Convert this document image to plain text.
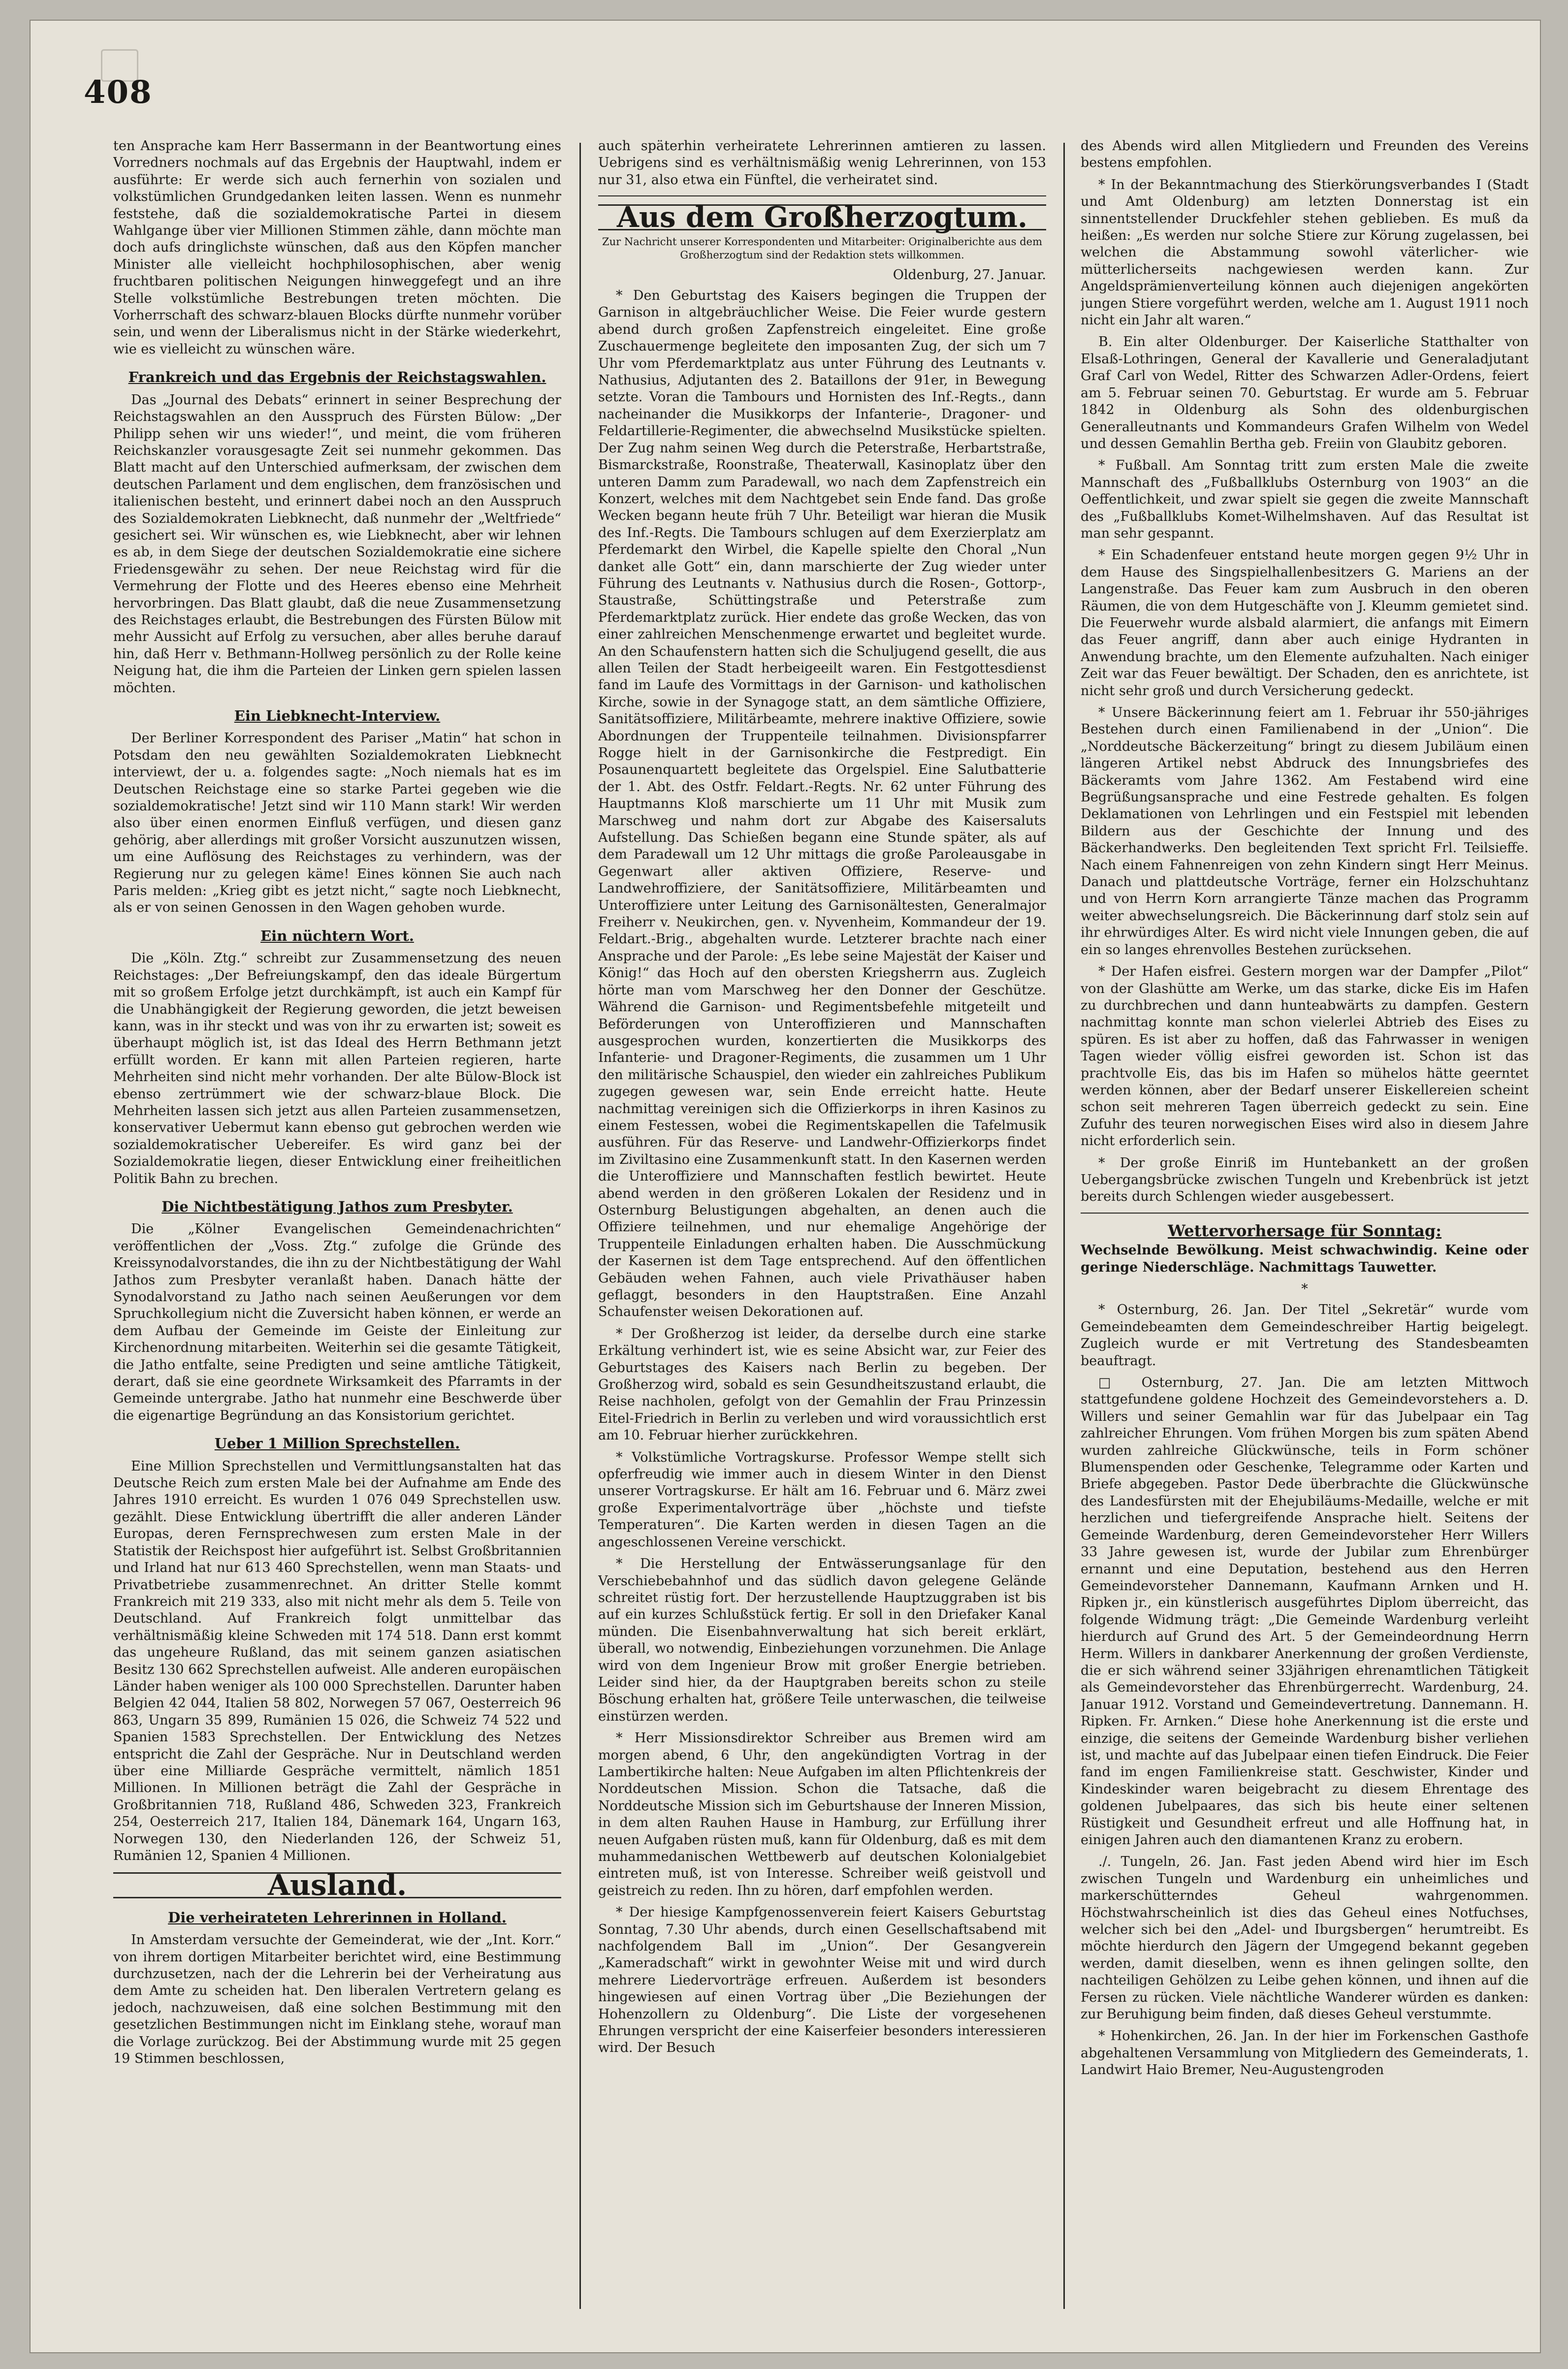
408

ten Ansprache kam Herr Bassermann in der Beantwortung eines Vorredners nochmals auf das Ergebnis der Hauptwahl, indem er ausführte: Er werde sich auch fernerhin von sozialen und volkstümlichen Grundgedanken leiten lassen. Wenn es nunmehr feststehe, daß die sozialdemokratische Partei in diesem Wahlgange über vier Millionen Stimmen zähle, dann möchte man doch aufs dringlichste wünschen, daß aus den Köpfen mancher Minister alle vielleicht hochphilosophischen, aber wenig fruchtbaren politischen Neigungen hinweggefegt und an ihre Stelle volkstümliche Bestrebungen treten möchten. Die Vorherrschaft des schwarz-blauen Blocks dürfte nunmehr vorüber sein, und wenn der Liberalismus nicht in der Stärke wiederkehrt, wie es vielleicht zu wünschen wäre.

Frankreich und das Ergebnis der Reichstagswahlen.

Das „Journal des Debats“ erinnert in seiner Besprechung der Reichstagswahlen an den Ausspruch des Fürsten Bülow: „Der Philipp sehen wir uns wieder!“, und meint, die vom früheren Reichskanzler vorausgesagte Zeit sei nunmehr gekommen. Das Blatt macht auf den Unterschied aufmerksam, der zwischen dem deutschen Parlament und dem englischen, dem französischen und italienischen besteht, und erinnert dabei noch an den Ausspruch des Sozialdemokraten Liebknecht, daß nunmehr der „Weltfriede“ gesichert sei. Wir wünschen es, wie Liebknecht, aber wir lehnen es ab, in dem Siege der deutschen Sozialdemokratie eine sichere Friedensgewähr zu sehen. Der neue Reichstag wird für die Vermehrung der Flotte und des Heeres ebenso eine Mehrheit hervorbringen. Das Blatt glaubt, daß die neue Zusammensetzung des Reichstages erlaubt, die Bestrebungen des Fürsten Bülow mit mehr Aussicht auf Erfolg zu versuchen, aber alles beruhe darauf hin, daß Herr v. Bethmann-Hollweg persönlich zu der Rolle keine Neigung hat, die ihm die Parteien der Linken gern spielen lassen möchten.

Ein Liebknecht-Interview.

Der Berliner Korrespondent des Pariser „Matin“ hat schon in Potsdam den neu gewählten Sozialdemokraten Liebknecht interviewt, der u. a. folgendes sagte: „Noch niemals hat es im Deutschen Reichstage eine so starke Partei gegeben wie die sozialdemokratische! Jetzt sind wir 110 Mann stark! Wir werden also über einen enormen Einfluß verfügen, und diesen ganz gehörig, aber allerdings mit großer Vorsicht auszunutzen wissen, um eine Auflösung des Reichstages zu verhindern, was der Regierung nur zu gelegen käme! Eines können Sie auch nach Paris melden: „Krieg gibt es jetzt nicht,“ sagte noch Liebknecht, als er von seinen Genossen in den Wagen gehoben wurde.

Ein nüchtern Wort.

Die „Köln. Ztg.“ schreibt zur Zusammensetzung des neuen Reichstages: „Der Befreiungskampf, den das ideale Bürgertum mit so großem Erfolge jetzt durchkämpft, ist auch ein Kampf für die Unabhängigkeit der Regierung geworden, die jetzt beweisen kann, was in ihr steckt und was von ihr zu erwarten ist; soweit es überhaupt möglich ist, ist das Ideal des Herrn Bethmann jetzt erfüllt worden. Er kann mit allen Parteien regieren, harte Mehrheiten sind nicht mehr vorhanden. Der alte Bülow-Block ist ebenso zertrümmert wie der schwarz-blaue Block. Die Mehrheiten lassen sich jetzt aus allen Parteien zusammensetzen, konservativer Uebermut kann ebenso gut gebrochen werden wie sozialdemokratischer Uebereifer. Es wird ganz bei der Sozialdemokratie liegen, dieser Entwicklung einer freiheitlichen Politik Bahn zu brechen.

Die Nichtbestätigung Jathos zum Presbyter.

Die „Kölner Evangelischen Gemeindenachrichten“ veröffentlichen der „Voss. Ztg.“ zufolge die Gründe des Kreissynodalvorstandes, die ihn zu der Nichtbestätigung der Wahl Jathos zum Presbyter veranlaßt haben. Danach hätte der Synodalvorstand zu Jatho nach seinen Aeußerungen vor dem Spruchkollegium nicht die Zuversicht haben können, er werde an dem Aufbau der Gemeinde im Geiste der Einleitung zur Kirchenordnung mitarbeiten. Weiterhin sei die gesamte Tätigkeit, die Jatho entfalte, seine Predigten und seine amtliche Tätigkeit, derart, daß sie eine geordnete Wirksamkeit des Pfarramts in der Gemeinde untergrabe. Jatho hat nunmehr eine Beschwerde über die eigenartige Begründung an das Konsistorium gerichtet.

Ueber 1 Million Sprechstellen.

Eine Million Sprechstellen und Vermittlungsanstalten hat das Deutsche Reich zum ersten Male bei der Aufnahme am Ende des Jahres 1910 erreicht. Es wurden 1 076 049 Sprechstellen usw. gezählt. Diese Entwicklung übertrifft die aller anderen Länder Europas, deren Fernsprechwesen zum ersten Male in der Statistik der Reichspost hier aufgeführt ist. Selbst Großbritannien und Irland hat nur 613 460 Sprechstellen, wenn man Staats- und Privatbetriebe zusammenrechnet. An dritter Stelle kommt Frankreich mit 219 333, also mit nicht mehr als dem 5. Teile von Deutschland. Auf Frankreich folgt unmittelbar das verhältnismäßig kleine Schweden mit 174 518. Dann erst kommt das ungeheure Rußland, das mit seinem ganzen asiatischen Besitz 130 662 Sprechstellen aufweist. Alle anderen europäischen Länder haben weniger als 100 000 Sprechstellen. Darunter haben Belgien 42 044, Italien 58 802, Norwegen 57 067, Oesterreich 96 863, Ungarn 35 899, Rumänien 15 026, die Schweiz 74 522 und Spanien 1583 Sprechstellen. Der Entwicklung des Netzes entspricht die Zahl der Gespräche. Nur in Deutschland werden über eine Milliarde Gespräche vermittelt, nämlich 1851 Millionen. In Millionen beträgt die Zahl der Gespräche in Großbritannien 718, Rußland 486, Schweden 323, Frankreich 254, Oesterreich 217, Italien 184, Dänemark 164, Ungarn 163, Norwegen 130, den Niederlanden 126, der Schweiz 51, Rumänien 12, Spanien 4 Millionen.

Ausland.
Die verheirateten Lehrerinnen in Holland.

In Amsterdam versuchte der Gemeinderat, wie der „Int. Korr.“ von ihrem dortigen Mitarbeiter berichtet wird, eine Bestimmung durchzusetzen, nach der die Lehrerin bei der Verheiratung aus dem Amte zu scheiden hat. Den liberalen Vertretern gelang es jedoch, nachzuweisen, daß eine solchen Bestimmung mit den gesetzlichen Bestimmungen nicht im Einklang stehe, worauf man die Vorlage zurückzog. Bei der Abstimmung wurde mit 25 gegen 19 Stimmen beschlossen,

auch späterhin verheiratete Lehrerinnen amtieren zu lassen. Uebrigens sind es verhältnismäßig wenig Lehrerinnen, von 153 nur 31, also etwa ein Fünftel, die verheiratet sind.

Aus dem Großherzogtum.
Zur Nachricht unserer Korrespondenten und Mitarbeiter: Originalberichte aus dem Großherzogtum sind der Redaktion stets willkommen.
Oldenburg, 27. Januar.

* Den Geburtstag des Kaisers begingen die Truppen der Garnison in altgebräuchlicher Weise. Die Feier wurde gestern abend durch großen Zapfenstreich eingeleitet. Eine große Zuschauermenge begleitete den imposanten Zug, der sich um 7 Uhr vom Pferdemarktplatz aus unter Führung des Leutnants v. Nathusius, Adjutanten des 2. Bataillons der 91er, in Bewegung setzte. Voran die Tambours und Hornisten des Inf.-Regts., dann nacheinander die Musikkorps der Infanterie-, Dragoner- und Feldartillerie-Regimenter, die abwechselnd Musikstücke spielten. Der Zug nahm seinen Weg durch die Peterstraße, Herbartstraße, Bismarckstraße, Roonstraße, Theaterwall, Kasinoplatz über den unteren Damm zum Paradewall, wo nach dem Zapfenstreich ein Konzert, welches mit dem Nachtgebet sein Ende fand. Das große Wecken begann heute früh 7 Uhr. Beteiligt war hieran die Musik des Inf.-Regts. Die Tambours schlugen auf dem Exerzierplatz am Pferdemarkt den Wirbel, die Kapelle spielte den Choral „Nun danket alle Gott“ ein, dann marschierte der Zug wieder unter Führung des Leutnants v. Nathusius durch die Rosen-, Gottorp-, Staustraße, Schüttingstraße und Peterstraße zum Pferdemarktplatz zurück. Hier endete das große Wecken, das von einer zahlreichen Menschenmenge erwartet und begleitet wurde. An den Schaufenstern hatten sich die Schuljugend gesellt, die aus allen Teilen der Stadt herbeigeeilt waren. Ein Festgottesdienst fand im Laufe des Vormittags in der Garnison- und katholischen Kirche, sowie in der Synagoge statt, an dem sämtliche Offiziere, Sanitätsoffiziere, Militärbeamte, mehrere inaktive Offiziere, sowie Abordnungen der Truppenteile teilnahmen. Divisionspfarrer Rogge hielt in der Garnisonkirche die Festpredigt. Ein Posaunenquartett begleitete das Orgelspiel. Eine Salutbatterie der 1. Abt. des Ostfr. Feldart.-Regts. Nr. 62 unter Führung des Hauptmanns Kloß marschierte um 11 Uhr mit Musik zum Marschweg und nahm dort zur Abgabe des Kaisersaluts Aufstellung. Das Schießen begann eine Stunde später, als auf dem Paradewall um 12 Uhr mittags die große Paroleausgabe in Gegenwart aller aktiven Offiziere, Reserve- und Landwehroffiziere, der Sanitätsoffiziere, Militärbeamten und Unteroffiziere unter Leitung des Garnisonältesten, Generalmajor Freiherr v. Neukirchen, gen. v. Nyvenheim, Kommandeur der 19. Feldart.-Brig., abgehalten wurde. Letzterer brachte nach einer Ansprache und der Parole: „Es lebe seine Majestät der Kaiser und König!“ das Hoch auf den obersten Kriegsherrn aus. Zugleich hörte man vom Marschweg her den Donner der Geschütze. Während die Garnison- und Regimentsbefehle mitgeteilt und Beförderungen von Unteroffizieren und Mannschaften ausgesprochen wurden, konzertierten die Musikkorps des Infanterie- und Dragoner-Regiments, die zusammen um 1 Uhr den militärische Schauspiel, den wieder ein zahlreiches Publikum zugegen gewesen war, sein Ende erreicht hatte. Heute nachmittag vereinigen sich die Offizierkorps in ihren Kasinos zu einem Festessen, wobei die Regimentskapellen die Tafelmusik ausführen. Für das Reserve- und Landwehr-Offizierkorps findet im Ziviltasino eine Zusammenkunft statt. In den Kasernen werden die Unteroffiziere und Mannschaften festlich bewirtet. Heute abend werden in den größeren Lokalen der Residenz und in Osternburg Belustigungen abgehalten, an denen auch die Offiziere teilnehmen, und nur ehemalige Angehörige der Truppenteile Einladungen erhalten haben. Die Ausschmückung der Kasernen ist dem Tage entsprechend. Auf den öffentlichen Gebäuden wehen Fahnen, auch viele Privathäuser haben geflaggt, besonders in den Hauptstraßen. Eine Anzahl Schaufenster weisen Dekorationen auf.

* Der Großherzog ist leider, da derselbe durch eine starke Erkältung verhindert ist, wie es seine Absicht war, zur Feier des Geburtstages des Kaisers nach Berlin zu begeben. Der Großherzog wird, sobald es sein Gesundheitszustand erlaubt, die Reise nachholen, gefolgt von der Gemahlin der Frau Prinzessin Eitel-Friedrich in Berlin zu verleben und wird voraussichtlich erst am 10. Februar hierher zurückkehren.

* Volkstümliche Vortragskurse. Professor Wempe stellt sich opferfreudig wie immer auch in diesem Winter in den Dienst unserer Vortragskurse. Er hält am 16. Februar und 6. März zwei große Experimentalvorträge über „höchste und tiefste Temperaturen“. Die Karten werden in diesen Tagen an die angeschlossenen Vereine verschickt.

* Die Herstellung der Entwässerungsanlage für den Verschiebebahnhof und das südlich davon gelegene Gelände schreitet rüstig fort. Der herzustellende Hauptzuggraben ist bis auf ein kurzes Schlußstück fertig. Er soll in den Driefaker Kanal münden. Die Eisenbahnverwaltung hat sich bereit erklärt, überall, wo notwendig, Einbeziehungen vorzunehmen. Die Anlage wird von dem Ingenieur Brow mit großer Energie betrieben. Leider sind hier, da der Hauptgraben bereits schon zu steile Böschung erhalten hat, größere Teile unterwaschen, die teilweise einstürzen werden.

* Herr Missionsdirektor Schreiber aus Bremen wird am morgen abend, 6 Uhr, den angekündigten Vortrag in der Lambertikirche halten: Neue Aufgaben im alten Pflichtenkreis der Norddeutschen Mission. Schon die Tatsache, daß die Norddeutsche Mission sich im Geburtshause der Inneren Mission, in dem alten Rauhen Hause in Hamburg, zur Erfüllung ihrer neuen Aufgaben rüsten muß, kann für Oldenburg, daß es mit dem muhammedanischen Wettbewerb auf deutschen Kolonialgebiet eintreten muß, ist von Interesse. Schreiber weiß geistvoll und geistreich zu reden. Ihn zu hören, darf empfohlen werden.

* Der hiesige Kampfgenossenverein feiert Kaisers Geburtstag Sonntag, 7.30 Uhr abends, durch einen Gesellschaftsabend mit nachfolgendem Ball im „Union“. Der Gesangverein „Kameradschaft“ wirkt in gewohnter Weise mit und wird durch mehrere Liedervorträge erfreuen. Außerdem ist besonders hingewiesen auf einen Vortrag über „Die Beziehungen der Hohenzollern zu Oldenburg“. Die Liste der vorgesehenen Ehrungen verspricht der eine Kaiserfeier besonders interessieren wird. Der Besuch

des Abends wird allen Mitgliedern und Freunden des Vereins bestens empfohlen.

* In der Bekanntmachung des Stierkörungsverbandes I (Stadt und Amt Oldenburg) am letzten Donnerstag ist ein sinnentstellender Druckfehler stehen geblieben. Es muß da heißen: „Es werden nur solche Stiere zur Körung zugelassen, bei welchen die Abstammung sowohl väterlicher- wie mütterlicherseits nachgewiesen werden kann. Zur Angeldsprämienverteilung können auch diejenigen angekörten jungen Stiere vorgeführt werden, welche am 1. August 1911 noch nicht ein Jahr alt waren.“

B. Ein alter Oldenburger. Der Kaiserliche Statthalter von Elsaß-Lothringen, General der Kavallerie und Generaladjutant Graf Carl von Wedel, Ritter des Schwarzen Adler-Ordens, feiert am 5. Februar seinen 70. Geburtstag. Er wurde am 5. Februar 1842 in Oldenburg als Sohn des oldenburgischen Generalleutnants und Kommandeurs Grafen Wilhelm von Wedel und dessen Gemahlin Bertha geb. Freiin von Glaubitz geboren.

* Fußball. Am Sonntag tritt zum ersten Male die zweite Mannschaft des „Fußballklubs Osternburg von 1903“ an die Oeffentlichkeit, und zwar spielt sie gegen die zweite Mannschaft des „Fußballklubs Komet-Wilhelmshaven. Auf das Resultat ist man sehr gespannt.

* Ein Schadenfeuer entstand heute morgen gegen 9½ Uhr in dem Hause des Singspielhallenbesitzers G. Mariens an der Langenstraße. Das Feuer kam zum Ausbruch in den oberen Räumen, die von dem Hutgeschäfte von J. Kleumm gemietet sind. Die Feuerwehr wurde alsbald alarmiert, die anfangs mit Eimern das Feuer angriff, dann aber auch einige Hydranten in Anwendung brachte, um den Elemente aufzuhalten. Nach einiger Zeit war das Feuer bewältigt. Der Schaden, den es anrichtete, ist nicht sehr groß und durch Versicherung gedeckt.

* Unsere Bäckerinnung feiert am 1. Februar ihr 550-jähriges Bestehen durch einen Familienabend in der „Union“. Die „Norddeutsche Bäckerzeitung“ bringt zu diesem Jubiläum einen längeren Artikel nebst Abdruck des Innungsbriefes des Bäckeramts vom Jahre 1362. Am Festabend wird eine Begrüßungsansprache und eine Festrede gehalten. Es folgen Deklamationen von Lehrlingen und ein Festspiel mit lebenden Bildern aus der Geschichte der Innung und des Bäckerhandwerks. Den begleitenden Text spricht Frl. Teilsieffe. Nach einem Fahnenreigen von zehn Kindern singt Herr Meinus. Danach und plattdeutsche Vorträge, ferner ein Holzschuhtanz und von Herrn Korn arrangierte Tänze machen das Programm weiter abwechselungsreich. Die Bäckerinnung darf stolz sein auf ihr ehrwürdiges Alter. Es wird nicht viele Innungen geben, die auf ein so langes ehrenvolles Bestehen zurücksehen.

* Der Hafen eisfrei. Gestern morgen war der Dampfer „Pilot“ von der Glashütte am Werke, um das starke, dicke Eis im Hafen zu durchbrechen und dann hunteabwärts zu dampfen. Gestern nachmittag konnte man schon vielerlei Abtrieb des Eises zu spüren. Es ist aber zu hoffen, daß das Fahrwasser in wenigen Tagen wieder völlig eisfrei geworden ist. Schon ist das prachtvolle Eis, das bis im Hafen so mühelos hätte geerntet werden können, aber der Bedarf unserer Eiskellereien scheint schon seit mehreren Tagen überreich gedeckt zu sein. Eine Zufuhr des teuren norwegischen Eises wird also in diesem Jahre nicht erforderlich sein.

* Der große Einriß im Huntebankett an der großen Uebergangsbrücke zwischen Tungeln und Krebenbrück ist jetzt bereits durch Schlengen wieder ausgebessert.

Wettervorhersage für Sonntag:

Wechselnde Bewölkung. Meist schwachwindig. Keine oder geringe Niederschläge. Nachmittags Tauwetter.

*

* Osternburg, 26. Jan. Der Titel „Sekretär“ wurde vom Gemeindebeamten dem Gemeindeschreiber Hartig beigelegt. Zugleich wurde er mit Vertretung des Standesbeamten beauftragt.

□ Osternburg, 27. Jan. Die am letzten Mittwoch stattgefundene goldene Hochzeit des Gemeindevorstehers a. D. Willers und seiner Gemahlin war für das Jubelpaar ein Tag zahlreicher Ehrungen. Vom frühen Morgen bis zum späten Abend wurden zahlreiche Glückwünsche, teils in Form schöner Blumenspenden oder Geschenke, Telegramme oder Karten und Briefe abgegeben. Pastor Dede überbrachte die Glückwünsche des Landesfürsten mit der Ehejubiläums-Medaille, welche er mit herzlichen und tiefergreifende Ansprache hielt. Seitens der Gemeinde Wardenburg, deren Gemeindevorsteher Herr Willers 33 Jahre gewesen ist, wurde der Jubilar zum Ehrenbürger ernannt und eine Deputation, bestehend aus den Herren Gemeindevorsteher Dannemann, Kaufmann Arnken und H. Ripken jr., ein künstlerisch ausgeführtes Diplom überreicht, das folgende Widmung trägt: „Die Gemeinde Wardenburg verleiht hierdurch auf Grund des Art. 5 der Gemeindeordnung Herrn Herm. Willers in dankbarer Anerkennung der großen Verdienste, die er sich während seiner 33jährigen ehrenamtlichen Tätigkeit als Gemeindevorsteher das Ehrenbürgerrecht. Wardenburg, 24. Januar 1912. Vorstand und Gemeindevertretung. Dannemann. H. Ripken. Fr. Arnken.“ Diese hohe Anerkennung ist die erste und einzige, die seitens der Gemeinde Wardenburg bisher verliehen ist, und machte auf das Jubelpaar einen tiefen Eindruck. Die Feier fand im engen Familienkreise statt. Geschwister, Kinder und Kindeskinder waren beigebracht zu diesem Ehrentage des goldenen Jubelpaares, das sich bis heute einer seltenen Rüstigkeit und Gesundheit erfreut und alle Hoffnung hat, in einigen Jahren auch den diamantenen Kranz zu erobern.

./. Tungeln, 26. Jan. Fast jeden Abend wird hier im Esch zwischen Tungeln und Wardenburg ein unheimliches und markerschütterndes Geheul wahrgenommen. Höchstwahrscheinlich ist dies das Geheul eines Notfuchses, welcher sich bei den „Adel- und Iburgsbergen“ herumtreibt. Es möchte hierdurch den Jägern der Umgegend bekannt gegeben werden, damit dieselben, wenn es ihnen gelingen sollte, den nachteiligen Gehölzen zu Leibe gehen können, und ihnen auf die Fersen zu rücken. Viele nächtliche Wanderer würden es danken: zur Beruhigung beim finden, daß dieses Geheul verstummte.

* Hohenkirchen, 26. Jan. In der hier im Forkenschen Gasthofe abgehaltenen Versammlung von Mitgliedern des Gemeinderats, 1. Landwirt Haio Bremer, Neu-Augustengroden
